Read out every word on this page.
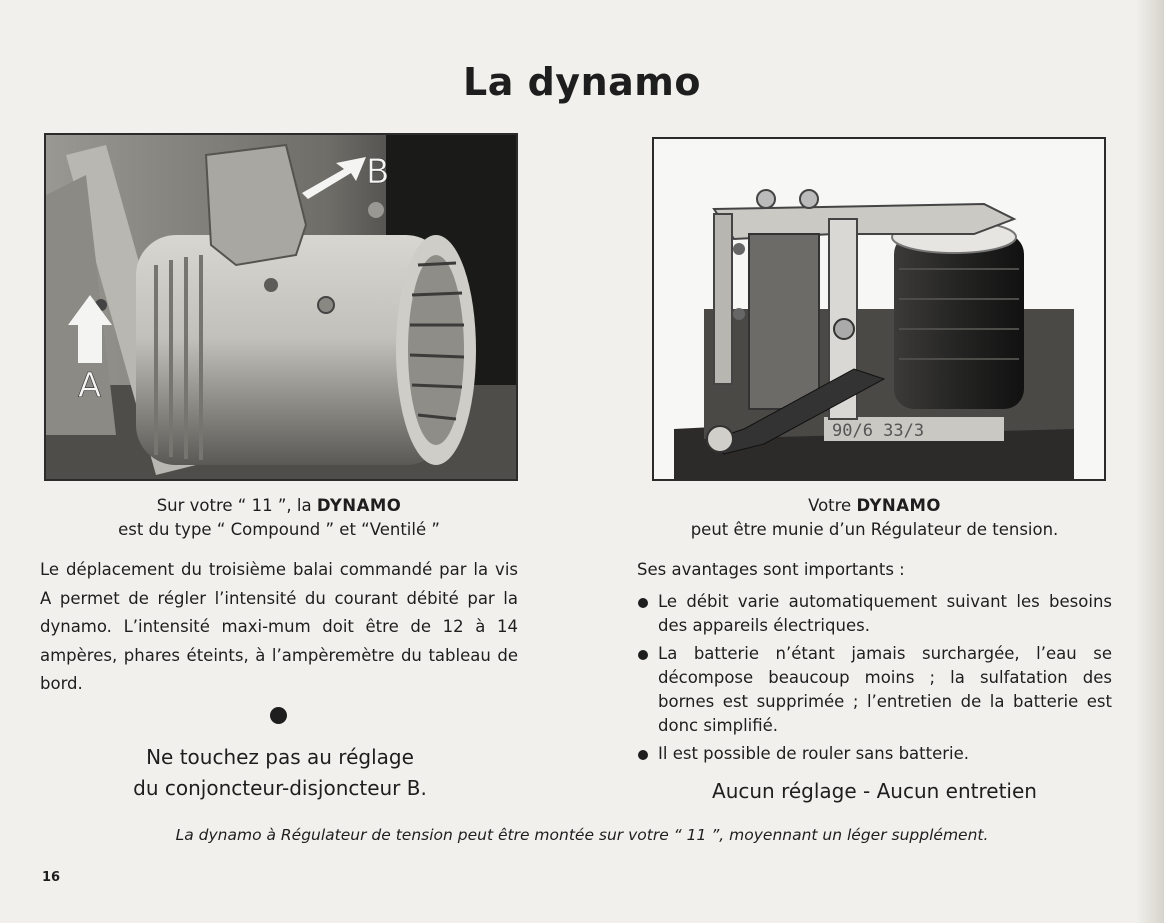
La dynamo
B
A
90/6 33/3
Sur votre “ 11 ”, la DYNAMO
est du type “ Compound ” et “Ventilé ”
Votre DYNAMO
peut être munie d’un Régulateur de tension.

Le déplacement du troisième balai commandé par la vis A permet de régler l’intensité du courant débité par la dynamo. L’intensité maxi-mum doit être de 12 à 14 ampères, phares éteints, à l’ampèremètre du tableau de bord.

Ne touchez pas au réglage
du conjoncteur-disjoncteur B.
Ses avantages sont importants :
Le débit varie automatiquement suivant les besoins des appareils électriques.
La batterie n’étant jamais surchargée, l’eau se décompose beaucoup moins ; la sulfatation des bornes est supprimée ; l’entretien de la batterie est donc simplifié.
Il est possible de rouler sans batterie.
Aucun réglage - Aucun entretien
La dynamo à Régulateur de tension peut être montée sur votre “ 11 ”, moyennant un léger supplément.
16
